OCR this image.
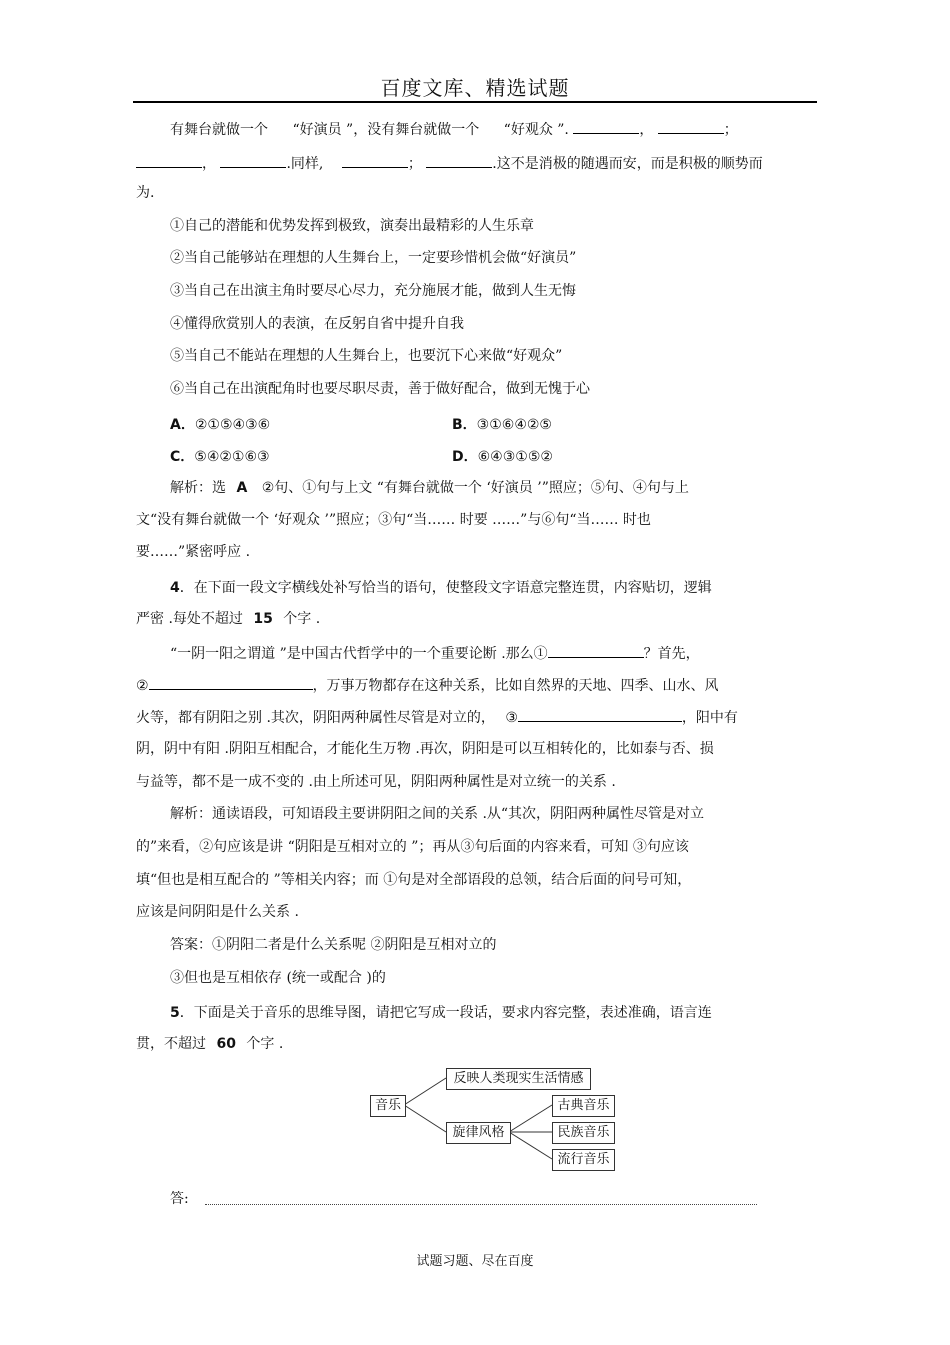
百度文库、精选试题
有舞台就做一个 “好演员 ”，没有舞台就做一个 “好观众 ”.	，	；
，	.同样,	；	.这不是消极的随遇而安，而是积极的顺势而
为.
①自己的潜能和优势发挥到极致，演奏出最精彩的人生乐章
②当自己能够站在理想的人生舞台上，一定要珍惜机会做“好演员”
③当自己在出演主角时要尽心尽力，充分施展才能，做到人生无悔
④懂得欣赏别人的表演，在反躬自省中提升自我
⑤当自己不能站在理想的人生舞台上，也要沉下心来做“好观众”
⑥当自己在出演配角时也要尽职尽责，善于做好配合，做到无愧于心
A．②①⑤④③⑥	B．③①⑥④②⑤
C．⑤④②①⑥③	D．⑥④③①⑤②
解析：选 A ②句、①句与上文 “有舞台就做一个 ‘好演员 ’”照应；⑤句、④句与上
文“没有舞台就做一个 ‘好观众 ’”照应；③句“当…… 时要 ……”与⑥句“当…… 时也
要……”紧密呼应 .
4．在下面一段文字横线处补写恰当的语句，使整段文字语意完整连贯，内容贴切，逻辑
严密 .每处不超过 15 个字 .
“一阴一阳之谓道 ”是中国古代哲学中的一个重要论断 .那么①	？首先，
②	，万事万物都存在这种关系，比如自然界的天地、四季、山水、风
火等，都有阴阳之别 .其次，阴阳两种属性尽管是对立的， ③	，阳中有
阴，阴中有阳 .阴阳互相配合，才能化生万物 .再次，阴阳是可以互相转化的，比如泰与否、损
与益等，都不是一成不变的 .由上所述可见，阴阳两种属性是对立统一的关系 .
解析：通读语段，可知语段主要讲阴阳之间的关系 .从“其次，阴阳两种属性尽管是对立
的”来看，②句应该是讲 “阴阳是互相对立的 ”；再从③句后面的内容来看，可知 ③句应该
填“但也是相互配合的 ”等相关内容；而 ①句是对全部语段的总领，结合后面的问号可知，
应该是问阴阳是什么关系 .
答案：①阴阳二者是什么关系呢 ②阴阳是互相对立的
③但也是互相依存 (统一或配合 )的
5．下面是关于音乐的思维导图，请把它写成一段话，要求内容完整，表述准确，语言连
贯，不超过 60 个字 .
音乐
反映人类现实生活情感
旋律风格
古典音乐
民族音乐
流行音乐
答:
试题习题、尽在百度
